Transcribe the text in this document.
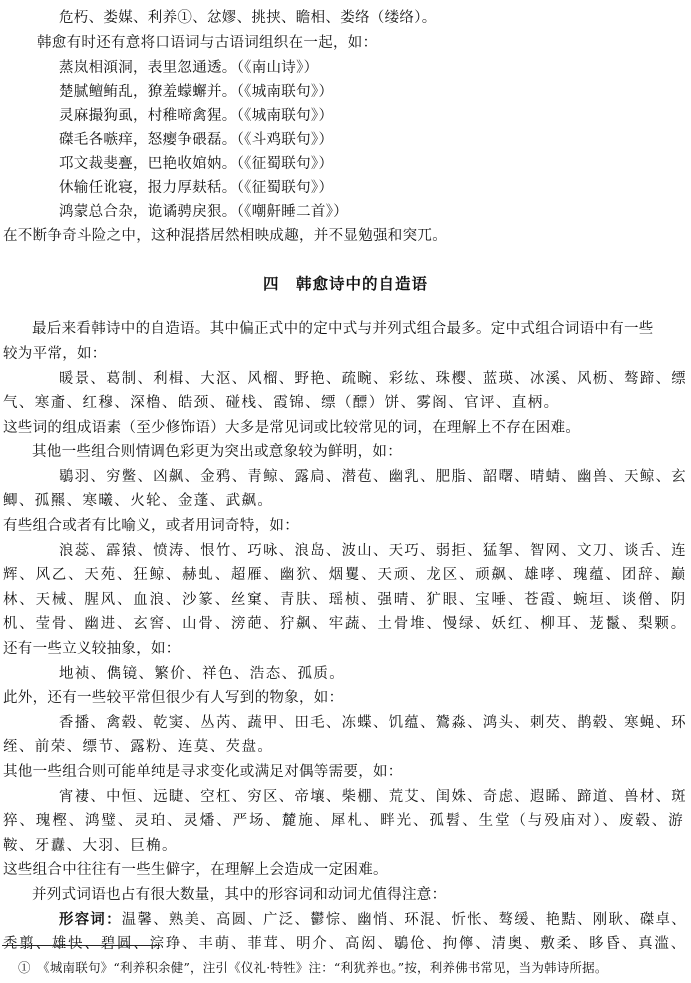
危朽、娄媒、利养①、忿嫪、挑挟、瞻相、娄络（缕络）。
韩愈有时还有意将口语词与古语词组织在一起，如：
蒸岚相澒洞，表里忽通透。（《南山诗》）
楚腻鳣鲔乱，獠羞蠓蠏并。（《城南联句》）
灵麻撮狗虱，村稚啼禽猩。（《城南联句》）
磔毛各嗾痒，怒瘿争碨磊。（《斗鸡联句》）
邛文裁斐亹，巴艳收婠妠。（《征蜀联句》）
休输任讹寝，报力厚麸秳。（《征蜀联句》）
鸿蒙总合杂，诡谲骋戾狠。（《嘲鼾睡二首》）
在不断争奇斗险之中，这种混搭居然相映成趣，并不显勉强和突兀。
四　韩愈诗中的自造语
最后来看韩诗中的自造语。其中偏正式中的定中式与并列式组合最多。定中式组合词语中有一些
较为平常，如：
暖景、葛制、利楫、大沤、风榴、野艳、疏畹、彩纮、珠樱、蓝瑛、冰溪、风枥、骜蹄、缥
气、寒齑、红穆、深橹、皓颈、碰栈、霞锦、缥（醥）饼、雾阁、官评、直柄。
这些词的组成语素（至少修饰语）大多是常见词或比较常见的词，在理解上不存在困难。
其他一些组合则情调色彩更为突出或意象较为鲜明，如：
鶡羽、穷鳖、凶飙、金鸦、青鲸、露扃、潜苞、幽乳、肥脂、韶曙、晴蜻、幽兽、天鲸、玄
鲫、孤羆、寒曦、火轮、金蓬、武飙。
有些组合或者有比喻义，或者用词奇特，如：
浪蕊、霹猿、愤涛、恨竹、巧咏、浪岛、波山、天巧、弱拒、猛挐、智网、文刀、谈舌、连
辉、风乙、天苑、狂鲸、赫虬、超雁、幽狖、烟矍、天顽、龙区、顽飙、雄哮、瑰蕴、团辞、巅
林、天械、腥风、血浪、沙篆、丝窠、青肤、瑶桢、强晴、犷眼、宝唾、苍霞、蜿垣、谈僧、阴
机、莹骨、幽进、玄窖、山骨、滂葩、狞飙、牢蔬、土骨堆、慢绿、妖红、柳耳、茏鬣、梨颗。
还有一些立义较抽象，如：
地祯、儁镜、繁价、祥色、浩态、孤质。
此外，还有一些较平常但很少有人写到的物象，如：
香播、禽毂、乾窦、丛芮、蔬甲、田毛、冻蝶、饥蕴、鷟淼、鸿头、刺芡、鹊毂、寒蝇、环
绖、前荣、缥节、露粉、连莫、芡盘。
其他一些组合则可能单纯是寻求变化或满足对偶等需要，如：
宵褄、中恒、远睫、空杠、穷区、帝壤、柴棚、荒艾、闺姝、奇虑、遐睎、蹄道、兽材、斑
猝、瑰樫、鸿璧、灵珀、灵燔、严场、麓施、犀札、畔光、孤髫、生堂（与殁庙对）、废毂、游
鞍、牙纛、大羽、巨桷。
这些组合中往往有一些生僻字，在理解上会造成一定困难。
并列式词语也占有很大数量，其中的形容词和动词尤值得注意：
形容词：温馨、熟美、高圆、广泛、鬱悰、幽悄、环混、忻怅、骜缓、艳黠、刚耿、磔卓、
秃翦、雄快、碧圆、淙琤、丰萌、菲茸、明介、高闳、鶡伧、拘儜、清奥、敷柔、眵昏、真滥、
①　《城南联句》“利养积余健”，注引《仪礼·特牲》注：“利犹养也。”按，利养佛书常见，当为韩诗所据。
